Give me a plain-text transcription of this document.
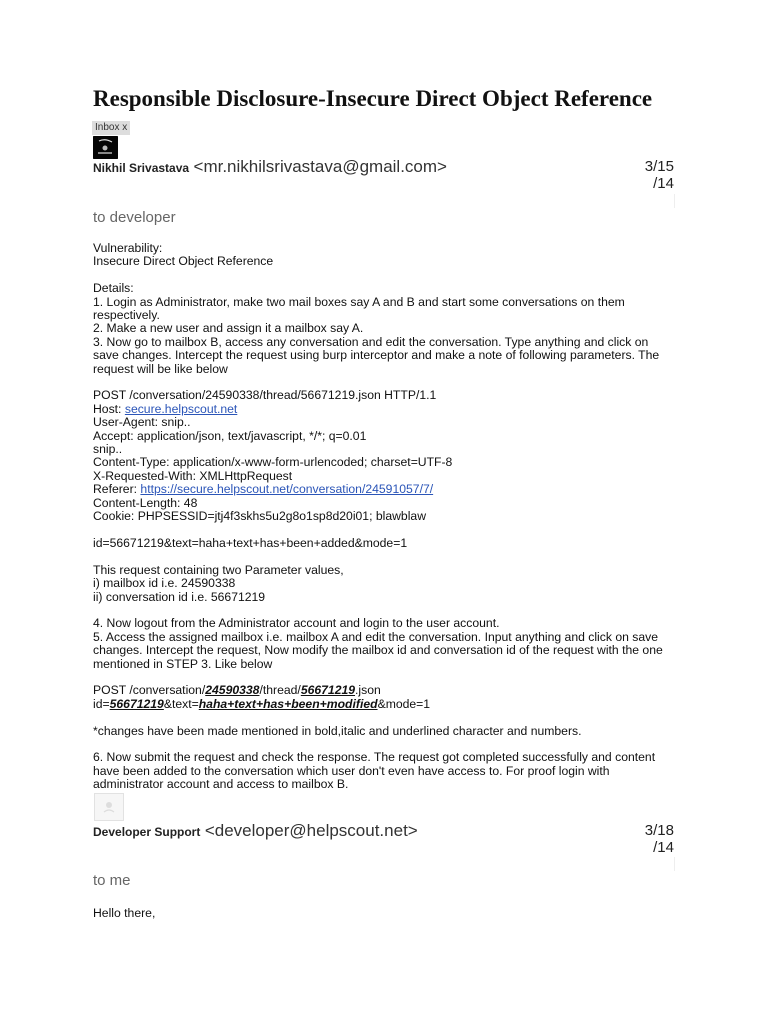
Responsible Disclosure-Insecure Direct Object Reference
Inbox x
Nikhil Srivastava <mr.nikhilsrivastava@gmail.com>	3/15
/14
to developer

Vulnerability:

Insecure Direct Object Reference

Details:

1. Login as Administrator, make two mail boxes say A and B and start some conversations on them respectively.

2. Make a new user and assign it a mailbox say A.

3. Now go to mailbox B, access any conversation and edit the conversation. Type anything and click on save changes. Intercept the request using burp interceptor and make a note of following parameters. The request will be like below

POST /conversation/24590338/thread/56671219.json HTTP/1.1

Host: secure.helpscout.net

User-Agent: snip..

Accept: application/json, text/javascript, */*; q=0.01

snip..

Content-Type: application/x-www-form-urlencoded; charset=UTF-8

X-Requested-With: XMLHttpRequest

Referer: https://secure.helpscout.net/conversation/24591057/7/

Content-Length: 48

Cookie: PHPSESSID=jtj4f3skhs5u2g8o1sp8d20i01; blawblaw

id=56671219&text=haha+text+has+been+added&mode=1

This request containing two Parameter values,

i) mailbox id i.e. 24590338

ii) conversation id i.e. 56671219

4. Now logout from the Administrator account and login to the user account.

5. Access the assigned mailbox i.e. mailbox A and edit the conversation. Input anything and click on save changes. Intercept the request, Now modify the mailbox id and conversation id of the request with the one mentioned in STEP 3. Like below

POST /conversation/24590338/thread/56671219.json

id=56671219&text=haha+text+has+been+modified&mode=1

*changes have been made mentioned in bold,italic and underlined character and numbers.

6. Now submit the request and check the response. The request got completed successfully and content have been added to the conversation which user don't even have access to. For proof login with administrator account and access to mailbox B.

Developer Support <developer@helpscout.net>	3/18
/14
to me
Hello there,
